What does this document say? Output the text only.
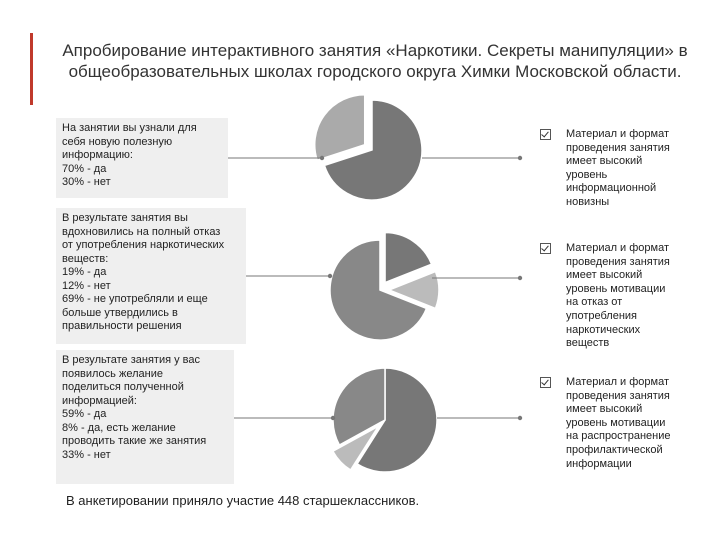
Апробирование интерактивного занятия «Наркотики. Секреты манипуляции» в общеобразовательных школах городского округа Химки Московской области.
На занятии вы узнали для
себя новую полезную
информацию:
70% - да
30% - нет
В результате занятия вы
вдохновились на полный отказ
от употребления наркотических
веществ:
19% - да
12% - нет
69% - не употребляли и еще
больше утвердились в
правильности решения
В результате занятия у вас
появилось желание
поделиться полученной
информацией:
59% - да
8% - да, есть желание
проводить такие же занятия
33% - нет
Материал и формат
проведения занятия
имеет высокий
уровень
информационной
новизны
Материал и формат
проведения занятия
имеет высокий
уровень мотивации
на отказ от
употребления
наркотических
веществ
Материал и формат
проведения занятия
имеет высокий
уровень мотивации
на распространение
профилактической
информации
В анкетировании приняло участие 448 старшеклассников.
